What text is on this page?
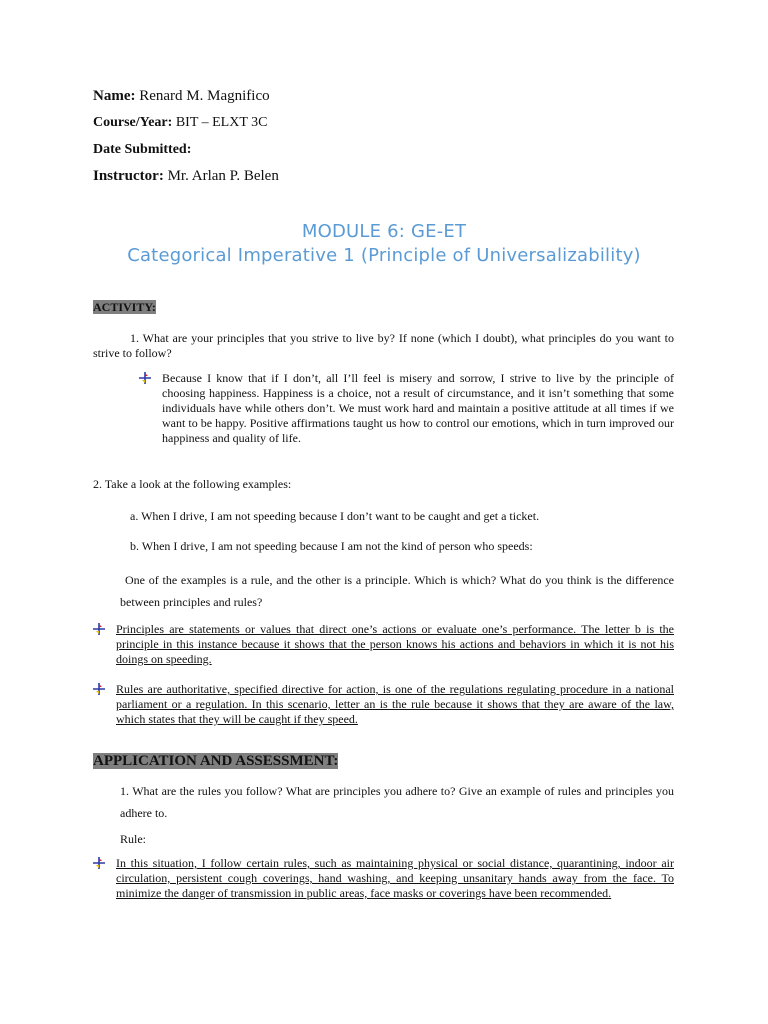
Name: Renard M. Magnifico
Course/Year: BIT – ELXT 3C
Date Submitted:
Instructor: Mr. Arlan P. Belen
MODULE 6: GE-ET
Categorical Imperative 1 (Principle of Universalizability)
ACTIVITY:
1. What are your principles that you strive to live by? If none (which I doubt), what principles do you want to strive to follow?
Because I know that if I don’t, all I’ll feel is misery and sorrow, I strive to live by the principle of choosing happiness. Happiness is a choice, not a result of circumstance, and it isn’t something that some individuals have while others don’t. We must work hard and maintain a positive attitude at all times if we want to be happy. Positive affirmations taught us how to control our emotions, which in turn improved our happiness and quality of life.
2. Take a look at the following examples:
a. When I drive, I am not speeding because I don’t want to be caught and get a ticket.
b. When I drive, I am not speeding because I am not the kind of person who speeds:
One of the examples is a rule, and the other is a principle. Which is which? What do you think is the difference between principles and rules?
Principles are statements or values that direct one’s actions or evaluate one’s performance. The letter b is the principle in this instance because it shows that the person knows his actions and behaviors in which it is not his doings on speeding.
Rules are authoritative, specified directive for action, is one of the regulations regulating procedure in a national parliament or a regulation. In this scenario, letter an is the rule because it shows that they are aware of the law, which states that they will be caught if they speed.
APPLICATION AND ASSESSMENT:
1. What are the rules you follow? What are principles you adhere to? Give an example of rules and principles you adhere to.
Rule:
In this situation, I follow certain rules, such as maintaining physical or social distance, quarantining, indoor air circulation, persistent cough coverings, hand washing, and keeping unsanitary hands away from the face. To minimize the danger of transmission in public areas, face masks or coverings have been recommended.
